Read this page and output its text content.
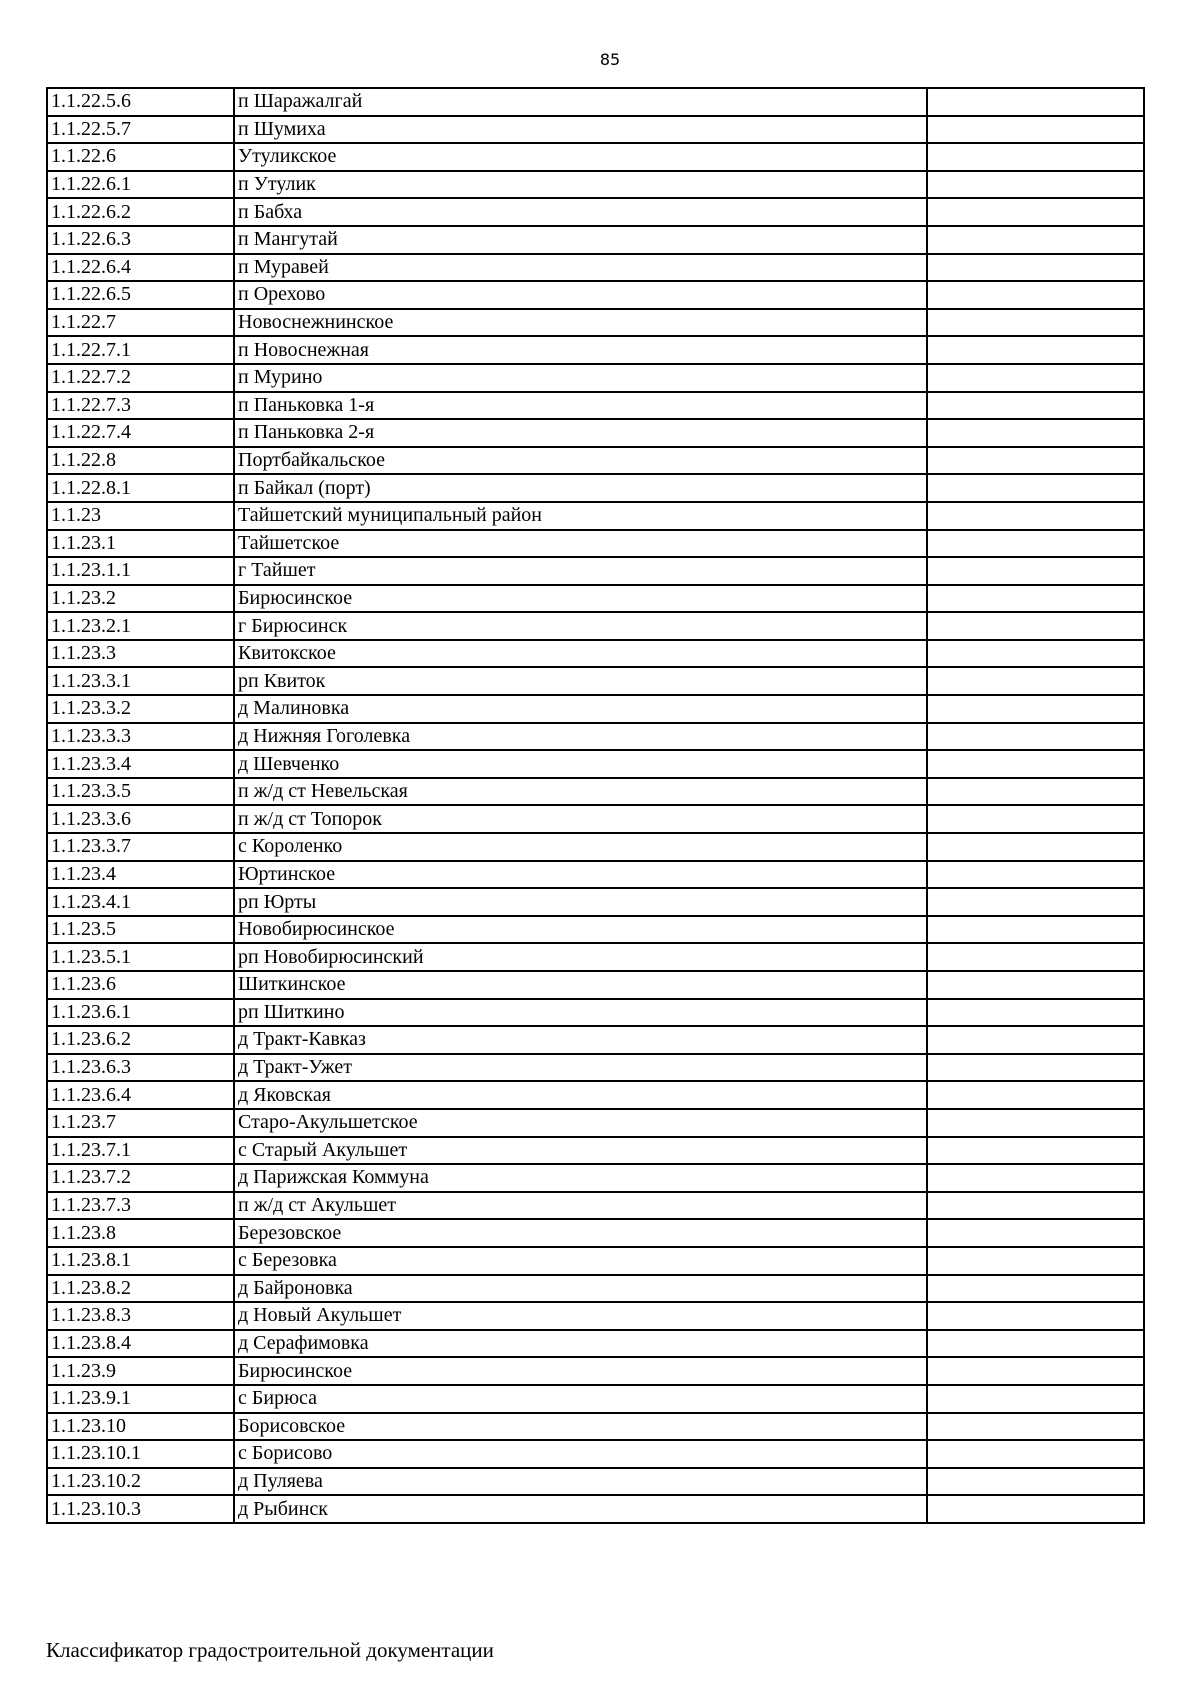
85
1.1.22.5.6	п Шаражалгай	
1.1.22.5.7	п Шумиха	
1.1.22.6	Утуликское	
1.1.22.6.1	п Утулик	
1.1.22.6.2	п Бабха	
1.1.22.6.3	п Мангутай	
1.1.22.6.4	п Муравей	
1.1.22.6.5	п Орехово	
1.1.22.7	Новоснежнинское	
1.1.22.7.1	п Новоснежная	
1.1.22.7.2	п Мурино	
1.1.22.7.3	п Паньковка 1-я	
1.1.22.7.4	п Паньковка 2-я	
1.1.22.8	Портбайкальское	
1.1.22.8.1	п Байкал (порт)	
1.1.23	Тайшетский муниципальный район	
1.1.23.1	Тайшетское	
1.1.23.1.1	г Тайшет	
1.1.23.2	Бирюсинское	
1.1.23.2.1	г Бирюсинск	
1.1.23.3	Квитокское	
1.1.23.3.1	рп Квиток	
1.1.23.3.2	д Малиновка	
1.1.23.3.3	д Нижняя Гоголевка	
1.1.23.3.4	д Шевченко	
1.1.23.3.5	п ж/д ст Невельская	
1.1.23.3.6	п ж/д ст Топорок	
1.1.23.3.7	с Короленко	
1.1.23.4	Юртинское	
1.1.23.4.1	рп Юрты	
1.1.23.5	Новобирюсинское	
1.1.23.5.1	рп Новобирюсинский	
1.1.23.6	Шиткинское	
1.1.23.6.1	рп Шиткино	
1.1.23.6.2	д Тракт-Кавказ	
1.1.23.6.3	д Тракт-Ужет	
1.1.23.6.4	д Яковская	
1.1.23.7	Старо-Акульшетское	
1.1.23.7.1	с Старый Акульшет	
1.1.23.7.2	д Парижская Коммуна	
1.1.23.7.3	п ж/д ст Акульшет	
1.1.23.8	Березовское	
1.1.23.8.1	с Березовка	
1.1.23.8.2	д Байроновка	
1.1.23.8.3	д Новый Акульшет	
1.1.23.8.4	д Серафимовка	
1.1.23.9	Бирюсинское	
1.1.23.9.1	с Бирюса	
1.1.23.10	Борисовское	
1.1.23.10.1	с Борисово	
1.1.23.10.2	д Пуляева	
1.1.23.10.3	д Рыбинск	
Классификатор градостроительной документации
